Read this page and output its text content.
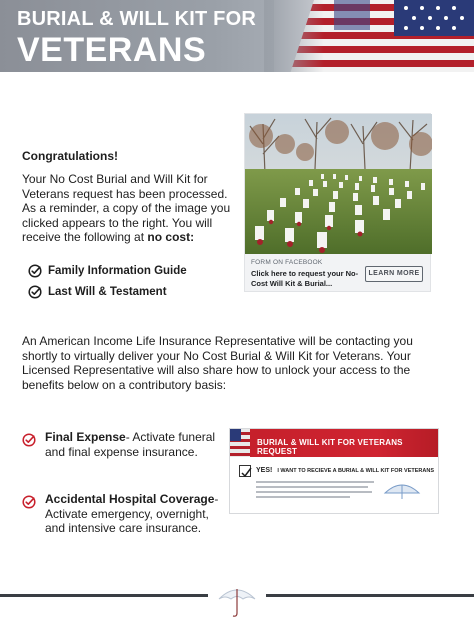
BURIAL & WILL KIT FOR
VETERANS
Congratulations!
Your No Cost Burial and Will Kit for Veterans request has been processed. As a reminder, a copy of the image you clicked appears to the right. You will receive the following at no cost:
Family Information Guide
Last Will & Testament
FORM ON FACEBOOK
Click here to request your No-Cost Will Kit & Burial...
LEARN MORE
An American Income Life Insurance Representative will be contacting you shortly to virtually deliver your No Cost Burial & Will Kit for Veterans. Your Licensed Representative will also share how to unlock your access to the benefits below on a contributory basis:
Final Expense- Activate funeral and final expense insurance.
Accidental Hospital Coverage- Activate emergency, overnight, and intensive care insurance.
BURIAL & WILL KIT FOR VETERANS REQUEST
YES! I WANT TO RECIEVE A BURIAL & WILL KIT FOR VETERANS
